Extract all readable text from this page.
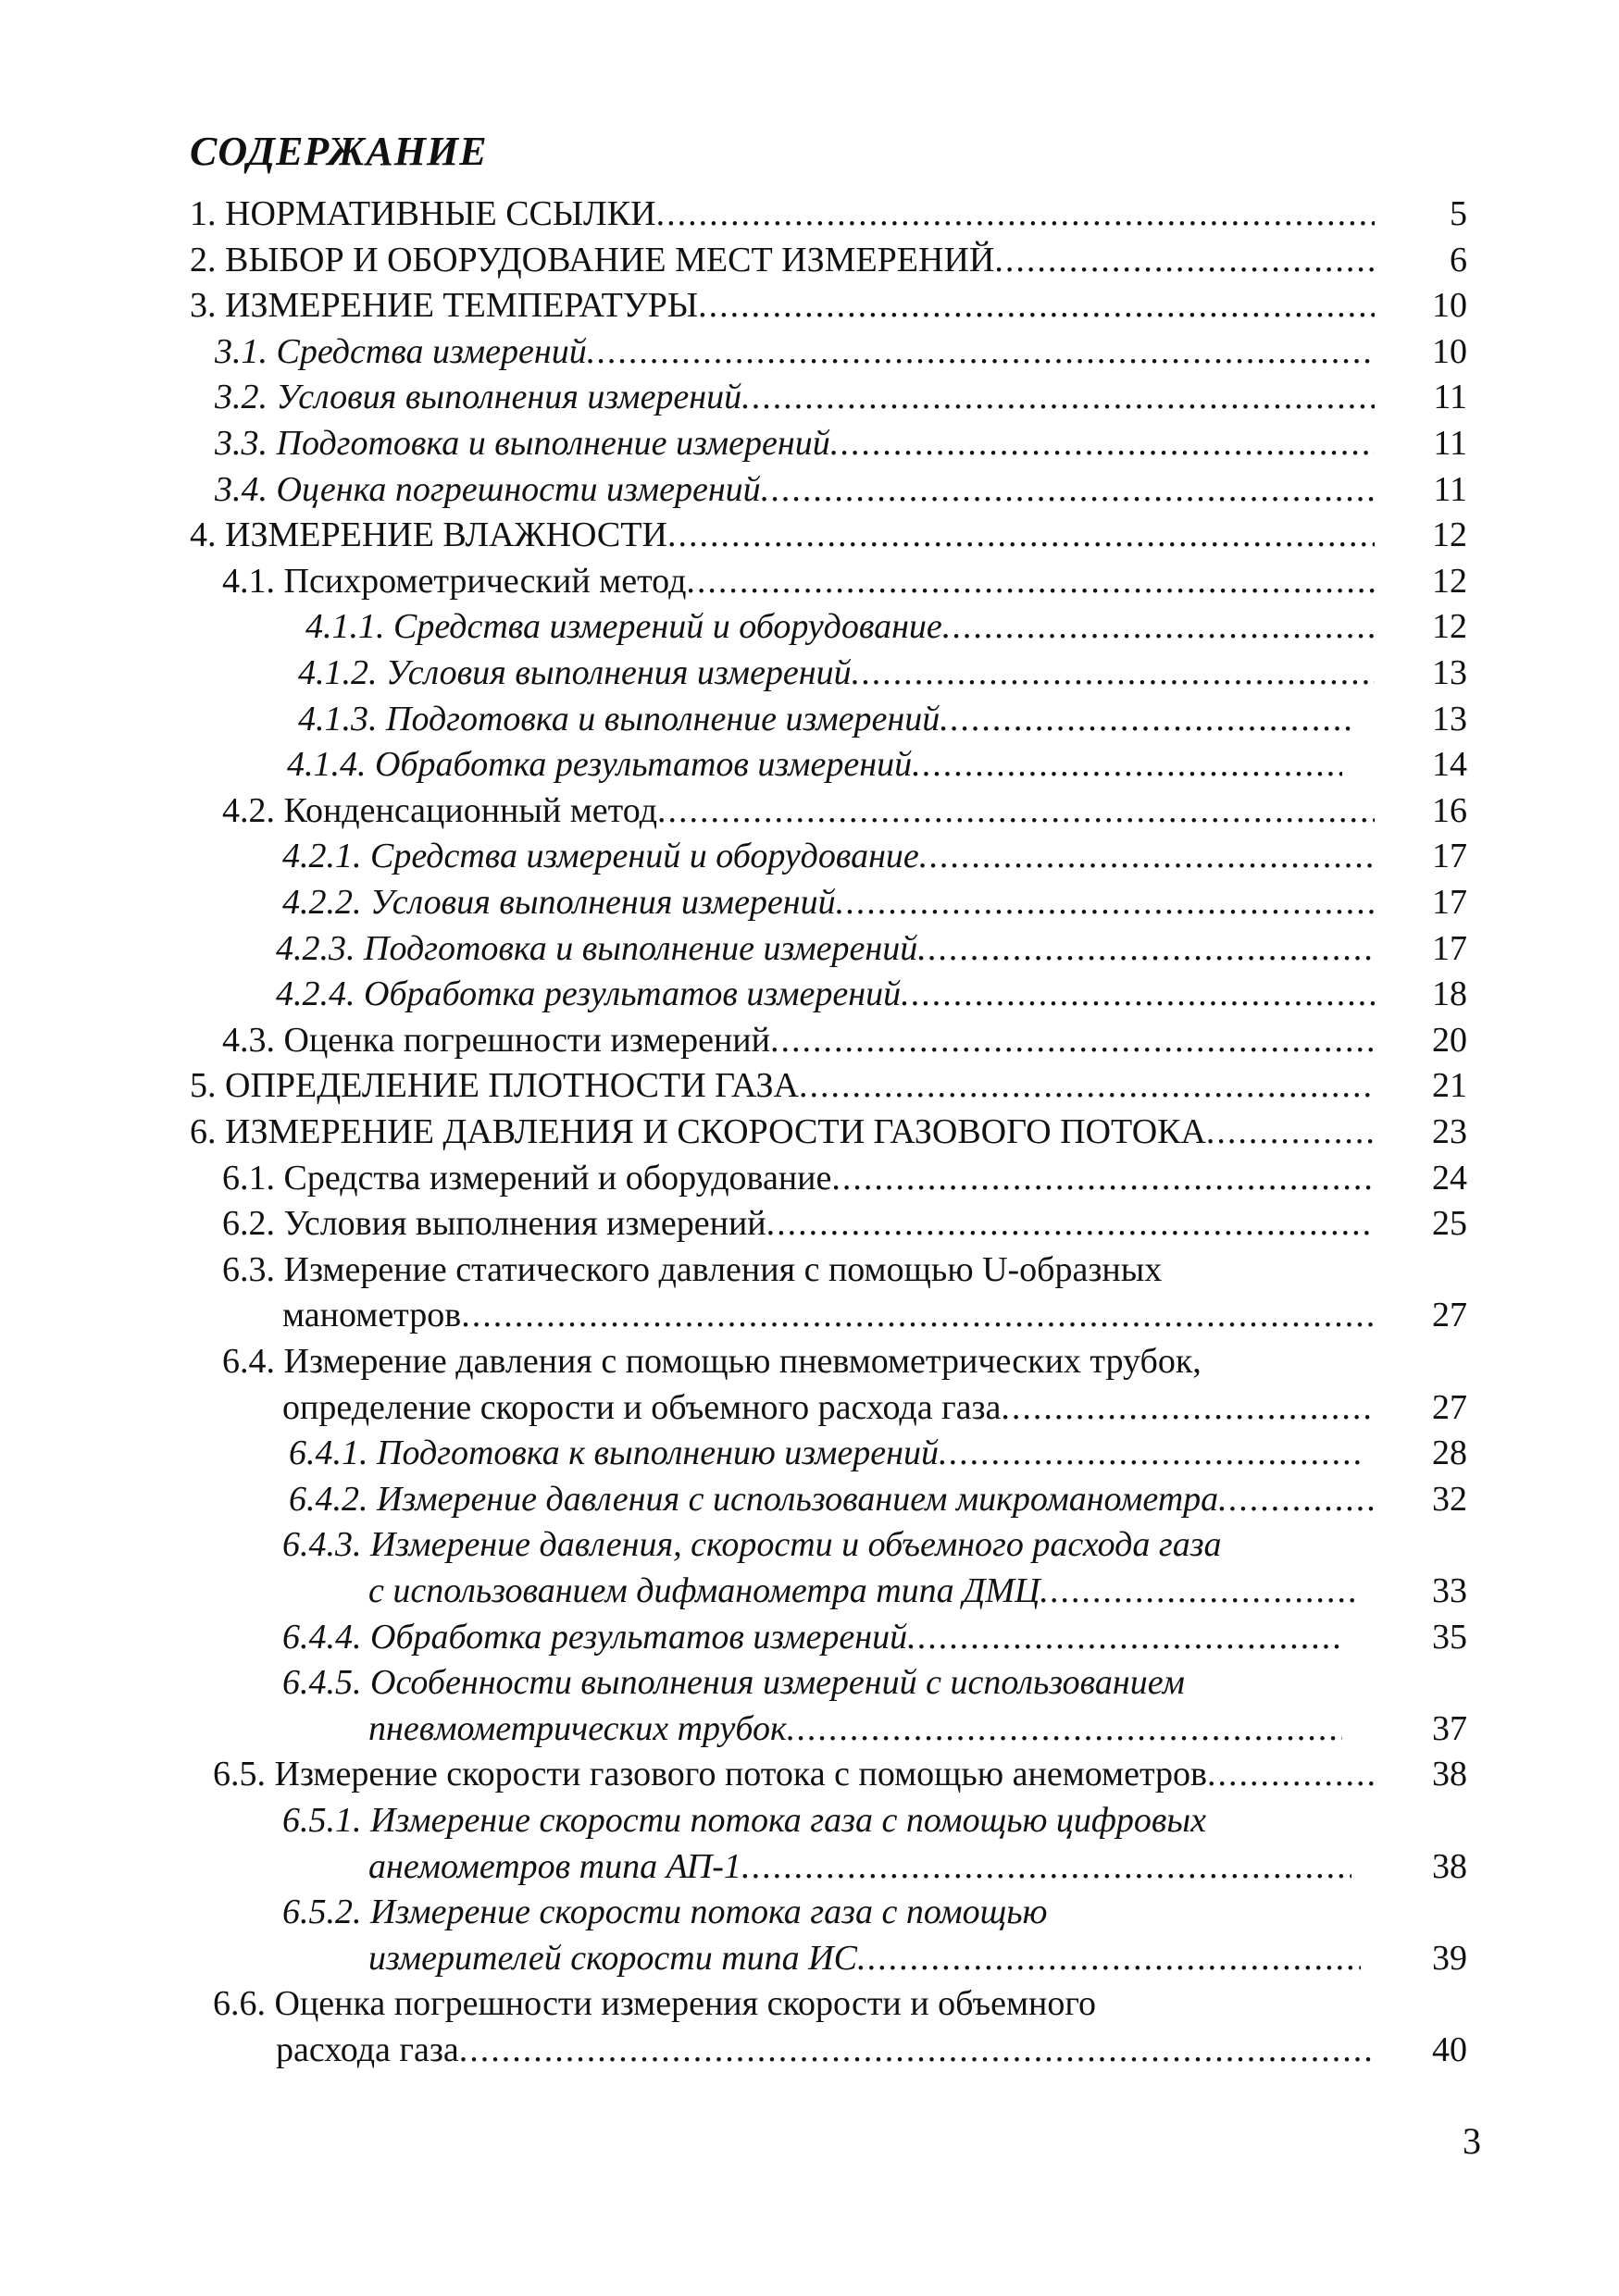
СОДЕРЖАНИЕ
1. НОРМАТИВНЫЕ ССЫЛКИ .....	5
2. ВЫБОР И ОБОРУДОВАНИЕ МЕСТ ИЗМЕРЕНИЙ .....	6
3. ИЗМЕРЕНИЕ ТЕМПЕРАТУРЫ .....	10
3.1. Средства измерений .....	10
3.2. Условия выполнения измерений .....	11
3.3. Подготовка и выполнение измерений .....	11
3.4. Оценка погрешности измерений .....	11
4. ИЗМЕРЕНИЕ ВЛАЖНОСТИ .....	12
4.1. Психрометрический метод .....	12
4.1.1. Средства измерений и оборудование .....	12
4.1.2. Условия выполнения измерений .....	13
4.1.3. Подготовка и выполнение измерений .....	13
4.1.4. Обработка результатов измерений .....	14
4.2. Конденсационный метод .....	16
4.2.1. Средства измерений и оборудование .....	17
4.2.2. Условия выполнения измерений .....	17
4.2.3. Подготовка и выполнение измерений .....	17
4.2.4. Обработка результатов измерений .....	18
4.3. Оценка погрешности измерений .....	20
5. ОПРЕДЕЛЕНИЕ ПЛОТНОСТИ ГАЗА .....	21
6. ИЗМЕРЕНИЕ ДАВЛЕНИЯ И СКОРОСТИ ГАЗОВОГО ПОТОКА .....	23
6.1. Средства измерений и оборудование .....	24
6.2. Условия выполнения измерений .....	25
6.3. Измерение статического давления с помощью U-образных
манометров .....	27
6.4. Измерение давления с помощью пневмометрических трубок,
определение скорости и объемного расхода газа .....	27
6.4.1. Подготовка к выполнению измерений .....	28
6.4.2. Измерение давления с использованием микроманометра .....	32
6.4.3. Измерение давления, скорости и объемного расхода газа
с использованием дифманометра типа ДМЦ .....	33
6.4.4. Обработка результатов измерений .....	35
6.4.5. Особенности выполнения измерений с использованием
пневмометрических трубок .....	37
6.5. Измерение скорости газового потока с помощью анемометров .....	38
6.5.1. Измерение скорости потока газа с помощью цифровых
анемометров типа АП-1 .....	38
6.5.2. Измерение скорости потока газа с помощью
измерителей скорости типа ИС .....	39
6.6. Оценка погрешности измерения скорости и объемного
расхода газа .....	40
3
